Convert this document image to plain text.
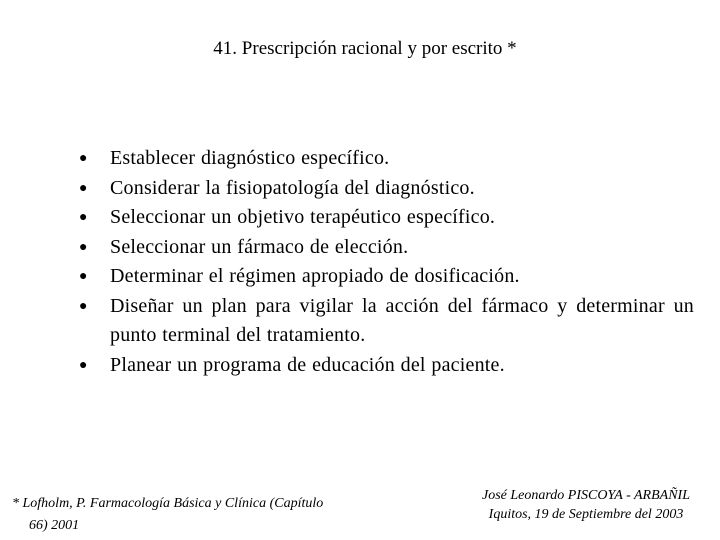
41. Prescripción racional y por escrito *
●	Establecer diagnóstico específico.
●	Considerar la fisiopatología del diagnóstico.
●	Seleccionar un objetivo terapéutico específico.
●	Seleccionar un fármaco de elección.
●	Determinar el régimen apropiado de dosificación.
●	Diseñar un plan para vigilar la acción del fármaco y determinar un punto terminal del tratamiento.
●	Planear un programa de educación del paciente.
* Lofholm, P. Farmacología Básica y Clínica (Capítulo
66) 2001
José Leonardo PISCOYA - ARBAÑIL
Iquitos, 19 de Septiembre del 2003
